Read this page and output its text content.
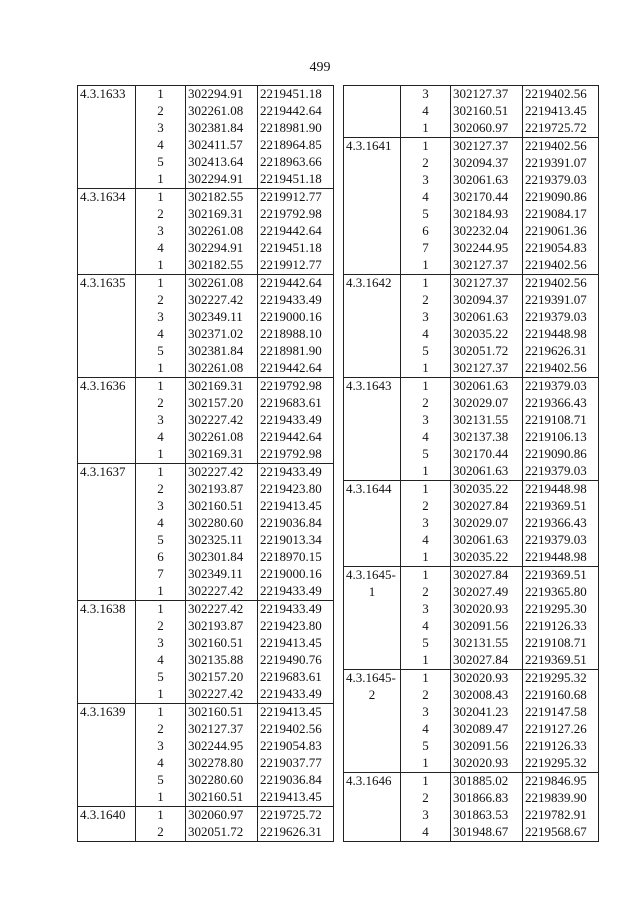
499
4.3.1633	1	302294.91	2219451.18
	2	302261.08	2219442.64
	3	302381.84	2218981.90
	4	302411.57	2218964.85
	5	302413.64	2218963.66
	1	302294.91	2219451.18
4.3.1634	1	302182.55	2219912.77
	2	302169.31	2219792.98
	3	302261.08	2219442.64
	4	302294.91	2219451.18
	1	302182.55	2219912.77
4.3.1635	1	302261.08	2219442.64
	2	302227.42	2219433.49
	3	302349.11	2219000.16
	4	302371.02	2218988.10
	5	302381.84	2218981.90
	1	302261.08	2219442.64
4.3.1636	1	302169.31	2219792.98
	2	302157.20	2219683.61
	3	302227.42	2219433.49
	4	302261.08	2219442.64
	1	302169.31	2219792.98
4.3.1637	1	302227.42	2219433.49
	2	302193.87	2219423.80
	3	302160.51	2219413.45
	4	302280.60	2219036.84
	5	302325.11	2219013.34
	6	302301.84	2218970.15
	7	302349.11	2219000.16
	1	302227.42	2219433.49
4.3.1638	1	302227.42	2219433.49
	2	302193.87	2219423.80
	3	302160.51	2219413.45
	4	302135.88	2219490.76
	5	302157.20	2219683.61
	1	302227.42	2219433.49
4.3.1639	1	302160.51	2219413.45
	2	302127.37	2219402.56
	3	302244.95	2219054.83
	4	302278.80	2219037.77
	5	302280.60	2219036.84
	1	302160.51	2219413.45
4.3.1640	1	302060.97	2219725.72
	2	302051.72	2219626.31
	3	302127.37	2219402.56
	4	302160.51	2219413.45
	1	302060.97	2219725.72
4.3.1641	1	302127.37	2219402.56
	2	302094.37	2219391.07
	3	302061.63	2219379.03
	4	302170.44	2219090.86
	5	302184.93	2219084.17
	6	302232.04	2219061.36
	7	302244.95	2219054.83
	1	302127.37	2219402.56
4.3.1642	1	302127.37	2219402.56
	2	302094.37	2219391.07
	3	302061.63	2219379.03
	4	302035.22	2219448.98
	5	302051.72	2219626.31
	1	302127.37	2219402.56
4.3.1643	1	302061.63	2219379.03
	2	302029.07	2219366.43
	3	302131.55	2219108.71
	4	302137.38	2219106.13
	5	302170.44	2219090.86
	1	302061.63	2219379.03
4.3.1644	1	302035.22	2219448.98
	2	302027.84	2219369.51
	3	302029.07	2219366.43
	4	302061.63	2219379.03
	1	302035.22	2219448.98
4.3.1645-	1	302027.84	2219369.51
1	2	302027.49	2219365.80
	3	302020.93	2219295.30
	4	302091.56	2219126.33
	5	302131.55	2219108.71
	1	302027.84	2219369.51
4.3.1645-	1	302020.93	2219295.32
2	2	302008.43	2219160.68
	3	302041.23	2219147.58
	4	302089.47	2219127.26
	5	302091.56	2219126.33
	1	302020.93	2219295.32
4.3.1646	1	301885.02	2219846.95
	2	301866.83	2219839.90
	3	301863.53	2219782.91
	4	301948.67	2219568.67
